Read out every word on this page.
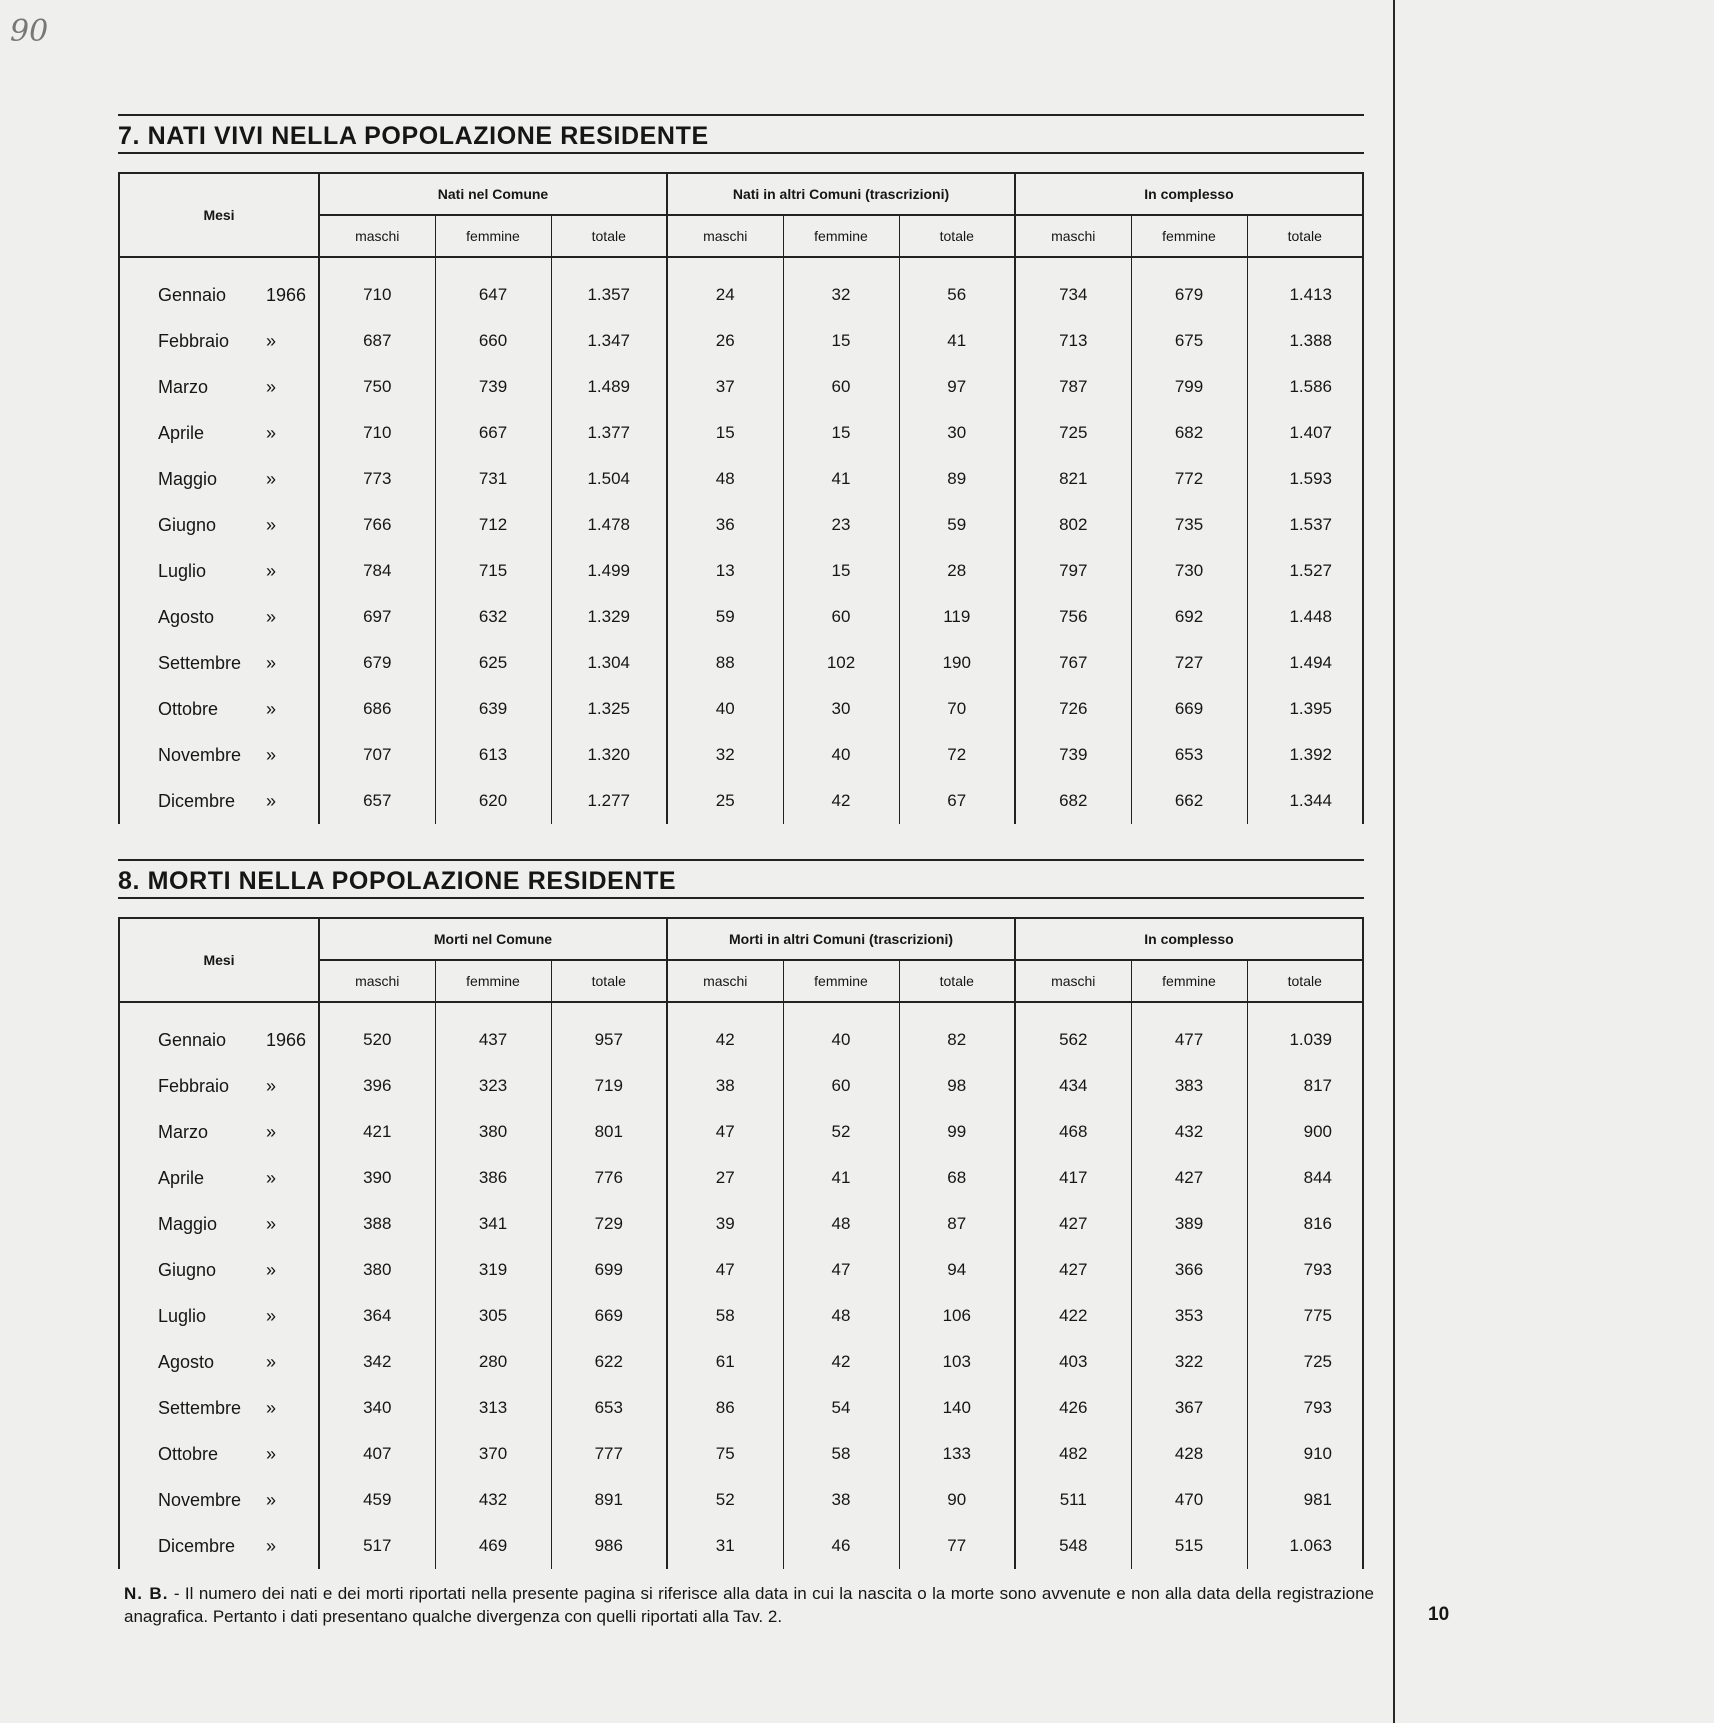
90
7. NATI VIVI NELLA POPOLAZIONE RESIDENTE
Mesi	Nati nel Comune			Nati in altri Comuni (trascrizioni)			In complesso		
	maschi	femmine	totale	maschi	femmine	totale	maschi	femmine	totale
Gennaio 1966	710	647	1.357	24	32	56	734	679	1.413
Febbraio »	687	660	1.347	26	15	41	713	675	1.388
Marzo »	750	739	1.489	37	60	97	787	799	1.586
Aprile »	710	667	1.377	15	15	30	725	682	1.407
Maggio »	773	731	1.504	48	41	89	821	772	1.593
Giugno »	766	712	1.478	36	23	59	802	735	1.537
Luglio »	784	715	1.499	13	15	28	797	730	1.527
Agosto »	697	632	1.329	59	60	119	756	692	1.448
Settembre »	679	625	1.304	88	102	190	767	727	1.494
Ottobre »	686	639	1.325	40	30	70	726	669	1.395
Novembre »	707	613	1.320	32	40	72	739	653	1.392
Dicembre »	657	620	1.277	25	42	67	682	662	1.344
8. MORTI NELLA POPOLAZIONE RESIDENTE
Mesi	Morti nel Comune			Morti in altri Comuni (trascrizioni)			In complesso		
	maschi	femmine	totale	maschi	femmine	totale	maschi	femmine	totale
Gennaio 1966	520	437	957	42	40	82	562	477	1.039
Febbraio »	396	323	719	38	60	98	434	383	817
Marzo »	421	380	801	47	52	99	468	432	900
Aprile »	390	386	776	27	41	68	417	427	844
Maggio »	388	341	729	39	48	87	427	389	816
Giugno »	380	319	699	47	47	94	427	366	793
Luglio »	364	305	669	58	48	106	422	353	775
Agosto »	342	280	622	61	42	103	403	322	725
Settembre »	340	313	653	86	54	140	426	367	793
Ottobre »	407	370	777	75	58	133	482	428	910
Novembre »	459	432	891	52	38	90	511	470	981
Dicembre »	517	469	986	31	46	77	548	515	1.063
N. B. - Il numero dei nati e dei morti riportati nella presente pagina si riferisce alla data in cui la nascita o la morte sono avvenute e non alla data della registrazione anagrafica. Pertanto i dati presentano qualche divergenza con quelli riportati alla Tav. 2.	10
